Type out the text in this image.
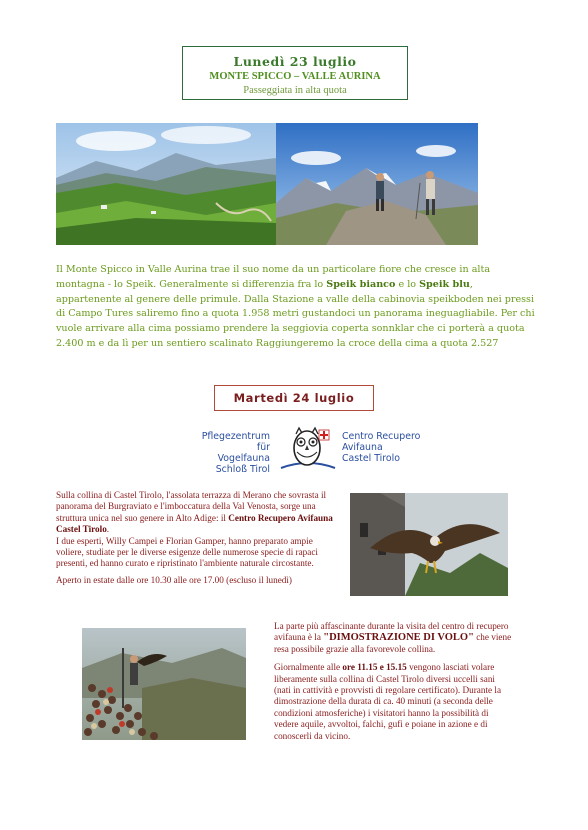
Lunedì 23 luglio
MONTE SPICCO – VALLE AURINA
Passeggiata in alta quota
Il Monte Spicco in Valle Aurina trae il suo nome da un particolare fiore che cresce in alta montagna - lo Speik. Generalmente si differenzia fra lo Speik bianco e lo Speik blu, appartenente al genere delle primule. Dalla Stazione a valle della cabinovia speikboden nei pressi di Campo Tures saliremo fino a quota 1.958 metri gustandoci un panorama ineguagliabile. Per chi vuole arrivare alla cima possiamo prendere la seggiovia coperta sonnklar che ci porterà a quota 2.400 m e da lì per un sentiero scalinato Raggiungeremo la croce della cima a quota 2.527
Martedì 24 luglio
Pflegezentrum für
Vogelfauna
Schloß Tirol
Centro Recupero
Avifauna
Castel Tirolo

Sulla collina di Castel Tirolo, l'assolata terrazza di Merano che sovrasta il panorama del Burgraviato e l'imboccatura della Val Venosta, sorge una struttura unica nel suo genere in Alto Adige: il Centro Recupero Avifauna Castel Tirolo.
I due esperti, Willy Campei e Florian Gamper, hanno preparato ampie voliere, studiate per le diverse esigenze delle numerose specie di rapaci presenti, ed hanno curato e ripristinato l'ambiente naturale circostante.

Aperto in estate dalle ore 10.30 alle ore 17.00 (escluso il lunedì)

La parte più affascinante durante la visita del centro di recupero avifauna è la "DIMOSTRAZIONE DI VOLO" che viene resa possibile grazie alla favorevole collina.

Giornalmente alle ore 11.15 e 15.15 vengono lasciati volare liberamente sulla collina di Castel Tirolo diversi uccelli sani (nati in cattività e provvisti di regolare certificato). Durante la dimostrazione della durata di ca. 40 minuti (a seconda delle condizioni atmosferiche) i visitatori hanno la possibilità di vedere aquile, avvoltoi, falchi, gufi e poiane in azione e di conoscerli da vicino.
